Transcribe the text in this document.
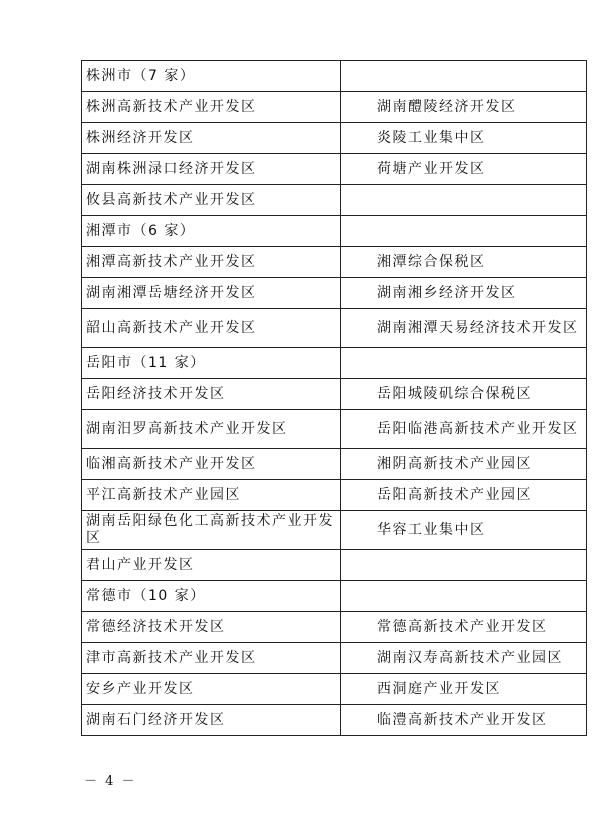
株洲市（7 家）	
株洲高新技术产业开发区	湖南醴陵经济开发区
株洲经济开发区	炎陵工业集中区
湖南株洲渌口经济开发区	荷塘产业开发区
攸县高新技术产业开发区	
湘潭市（6 家）	
湘潭高新技术产业开发区	湘潭综合保税区
湖南湘潭岳塘经济开发区	湖南湘乡经济开发区
韶山高新技术产业开发区	湖南湘潭天易经济技术开发区
岳阳市（11 家）	
岳阳经济技术开发区	岳阳城陵矶综合保税区
湖南汨罗高新技术产业开发区	岳阳临港高新技术产业开发区
临湘高新技术产业开发区	湘阴高新技术产业园区
平江高新技术产业园区	岳阳高新技术产业园区
湖南岳阳绿色化工高新技术产业开发区	华容工业集中区
君山产业开发区	
常德市（10 家）	
常德经济技术开发区	常德高新技术产业开发区
津市高新技术产业开发区	湖南汉寿高新技术产业园区
安乡产业开发区	西洞庭产业开发区
湖南石门经济开发区	临澧高新技术产业开发区
－ 4 －
